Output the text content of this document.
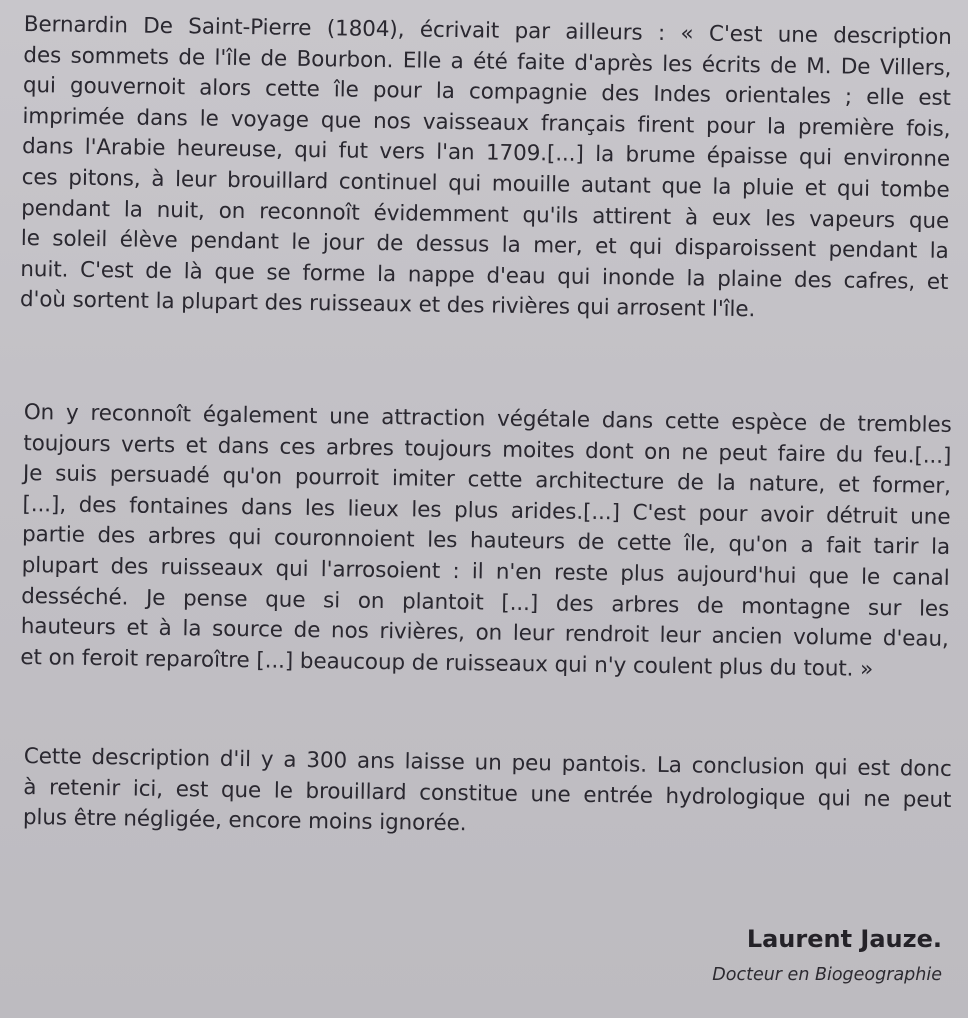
Bernardin De Saint-Pierre (1804), écrivait par ailleurs : « C'est une description
des sommets de l'île de Bourbon. Elle a été faite d'après les écrits de M. De Villers,
qui gouvernoit alors cette île pour la compagnie des Indes orientales ; elle est
imprimée dans le voyage que nos vaisseaux français firent pour la première fois,
dans l'Arabie heureuse, qui fut vers l'an 1709.[...] la brume épaisse qui environne
ces pitons, à leur brouillard continuel qui mouille autant que la pluie et qui tombe
pendant la nuit, on reconnoît évidemment qu'ils attirent à eux les vapeurs que
le soleil élève pendant le jour de dessus la mer, et qui disparoissent pendant la
nuit. C'est de là que se forme la nappe d'eau qui inonde la plaine des cafres, et
d'où sortent la plupart des ruisseaux et des rivières qui arrosent l'île.
On y reconnoît également une attraction végétale dans cette espèce de trembles
toujours verts et dans ces arbres toujours moites dont on ne peut faire du feu.[...]
Je suis persuadé qu'on pourroit imiter cette architecture de la nature, et former,
[...], des fontaines dans les lieux les plus arides.[...] C'est pour avoir détruit une
partie des arbres qui couronnoient les hauteurs de cette île, qu'on a fait tarir la
plupart des ruisseaux qui l'arrosoient : il n'en reste plus aujourd'hui que le canal
desséché. Je pense que si on plantoit [...] des arbres de montagne sur les
hauteurs et à la source de nos rivières, on leur rendroit leur ancien volume d'eau,
et on feroit reparoître [...] beaucoup de ruisseaux qui n'y coulent plus du tout. »
Cette description d'il y a 300 ans laisse un peu pantois. La conclusion qui est donc
à retenir ici, est que le brouillard constitue une entrée hydrologique qui ne peut
plus être négligée, encore moins ignorée.
Laurent Jauze.
Docteur en Biogeographie
